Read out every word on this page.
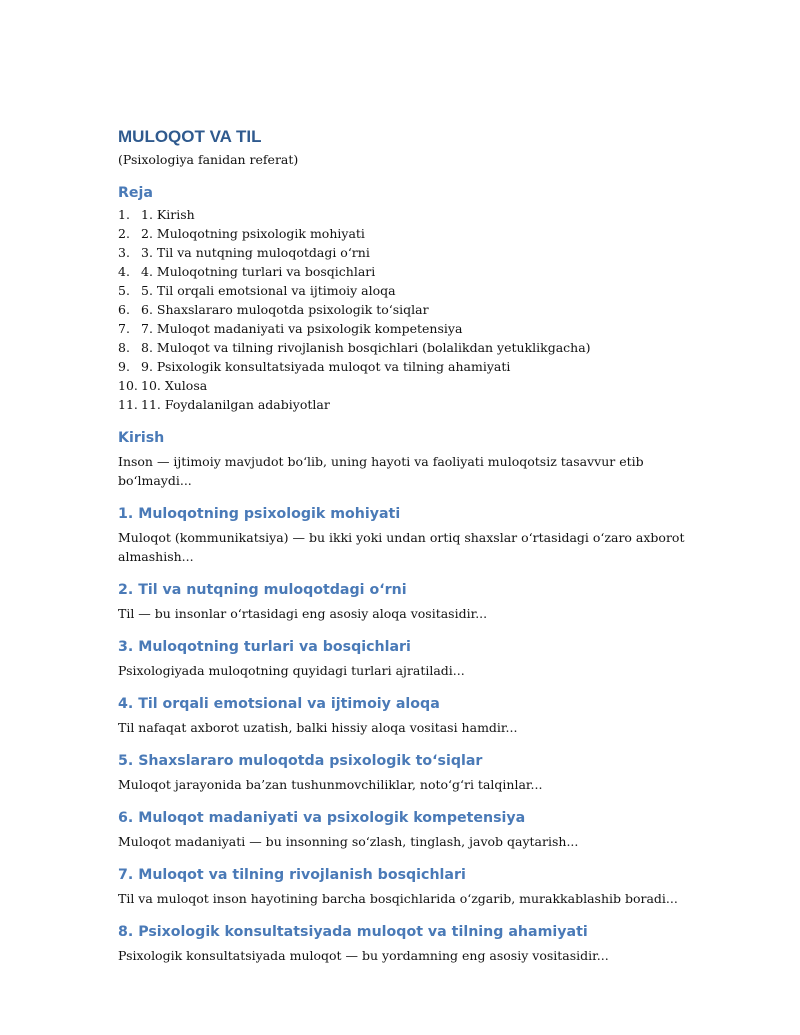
MULOQOT VA TIL

(Psixologiya fanidan referat)

Reja
1. 1. Kirish
2. 2. Muloqotning psixologik mohiyati
3. 3. Til va nutqning muloqotdagi o‘rni
4. 4. Muloqotning turlari va bosqichlari
5. 5. Til orqali emotsional va ijtimoiy aloqa
6. 6. Shaxslararo muloqotda psixologik to‘siqlar
7. 7. Muloqot madaniyati va psixologik kompetensiya
8. 8. Muloqot va tilning rivojlanish bosqichlari (bolalikdan yetuklikgacha)
9. 9. Psixologik konsultatsiyada muloqot va tilning ahamiyati
10. 10. Xulosa
11. 11. Foydalanilgan adabiyotlar
Kirish

Inson — ijtimoiy mavjudot bo‘lib, uning hayoti va faoliyati muloqotsiz tasavvur etib bo‘lmaydi...

1. Muloqotning psixologik mohiyati

Muloqot (kommunikatsiya) — bu ikki yoki undan ortiq shaxslar o‘rtasidagi o‘zaro axborot almashish...

2. Til va nutqning muloqotdagi o‘rni

Til — bu insonlar o‘rtasidagi eng asosiy aloqa vositasidir...

3. Muloqotning turlari va bosqichlari

Psixologiyada muloqotning quyidagi turlari ajratiladi...

4. Til orqali emotsional va ijtimoiy aloqa

Til nafaqat axborot uzatish, balki hissiy aloqa vositasi hamdir...

5. Shaxslararo muloqotda psixologik to‘siqlar

Muloqot jarayonida ba’zan tushunmovchiliklar, noto‘g‘ri talqinlar...

6. Muloqot madaniyati va psixologik kompetensiya

Muloqot madaniyati — bu insonning so‘zlash, tinglash, javob qaytarish...

7. Muloqot va tilning rivojlanish bosqichlari

Til va muloqot inson hayotining barcha bosqichlarida o‘zgarib, murakkablashib boradi...

8. Psixologik konsultatsiyada muloqot va tilning ahamiyati

Psixologik konsultatsiyada muloqot — bu yordamning eng asosiy vositasidir...
